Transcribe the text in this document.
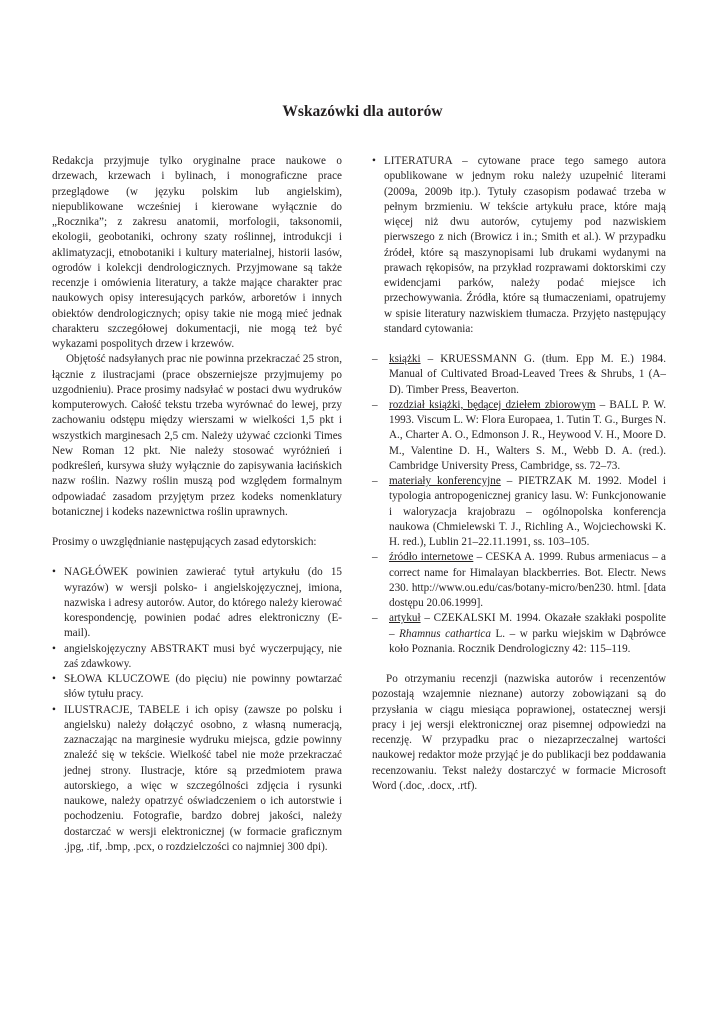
Wskazówki dla autorów

Redakcja przyjmuje tylko oryginalne prace naukowe o drzewach, krzewach i bylinach, i monograficzne prace przeglądowe (w języku polskim lub angielskim), niepublikowane wcześniej i kierowane wyłącznie do „Rocznika”; z zakresu anatomii, morfologii, taksonomii, ekologii, geobotaniki, ochrony szaty roślinnej, introdukcji i aklimatyzacji, etnobotaniki i kultury materialnej, historii lasów, ogrodów i kolekcji dendrologicznych. Przyjmowane są także recenzje i omówienia literatury, a także mające charakter prac naukowych opisy interesujących parków, arboretów i innych obiektów dendrologicznych; opisy takie nie mogą mieć jednak charakteru szczegółowej dokumentacji, nie mogą też być wykazami pospolitych drzew i krzewów.

Objętość nadsyłanych prac nie powinna przekraczać 25 stron, łącznie z ilustracjami (prace obszerniejsze przyjmujemy po uzgodnieniu). Prace prosimy nadsyłać w postaci dwu wydruków komputerowych. Całość tekstu trzeba wyrównać do lewej, przy zachowaniu odstępu między wierszami w wielkości 1,5 pkt i wszystkich marginesach 2,5 cm. Należy używać czcionki Times New Roman 12 pkt. Nie należy stosować wyróżnień i podkreśleń, kursywa służy wyłącznie do zapisywania łacińskich nazw roślin. Nazwy roślin muszą pod względem formalnym odpowiadać zasadom przyjętym przez kodeks nomenklatury botanicznej i kodeks nazewnictwa roślin uprawnych.

Prosimy o uwzględnianie następujących zasad edytorskich:

• NAGŁÓWEK powinien zawierać tytuł artykułu (do 15 wyrazów) w wersji polsko- i angielskojęzycznej, imiona, nazwiska i adresy autorów. Autor, do którego należy kierować korespondencję, powinien podać adres elektroniczny (E-mail).
• angielskojęzyczny ABSTRAKT musi być wyczerpujący, nie zaś zdawkowy.
• SŁOWA KLUCZOWE (do pięciu) nie powinny powtarzać słów tytułu pracy.
• ILUSTRACJE, TABELE i ich opisy (zawsze po polsku i angielsku) należy dołączyć osobno, z własną numeracją, zaznaczając na marginesie wydruku miejsca, gdzie powinny znaleźć się w tekście. Wielkość tabel nie może przekraczać jednej strony. Ilustracje, które są przedmiotem prawa autorskiego, a więc w szczególności zdjęcia i rysunki naukowe, należy opatrzyć oświadczeniem o ich autorstwie i pochodzeniu. Fotografie, bardzo dobrej jakości, należy dostarczać w wersji elektronicznej (w formacie graficznym .jpg, .tif, .bmp, .pcx, o rozdzielczości co najmniej 300 dpi).
• LITERATURA – cytowane prace tego samego autora opublikowane w jednym roku należy uzupełnić literami (2009a, 2009b itp.). Tytuły czasopism podawać trzeba w pełnym brzmieniu. W tekście artykułu prace, które mają więcej niż dwu autorów, cytujemy pod nazwiskiem pierwszego z nich (Browicz i in.; Smith et al.). W przypadku źródeł, które są maszynopisami lub drukami wydanymi na prawach rękopisów, na przykład rozprawami doktorskimi czy ewidencjami parków, należy podać miejsce ich przechowywania. Źródła, które są tłumaczeniami, opatrujemy w spisie literatury nazwiskiem tłumacza. Przyjęto następujący standard cytowania:
– książki – KRUESSMANN G. (tłum. Epp M. E.) 1984. Manual of Cultivated Broad-Leaved Trees & Shrubs, 1 (A–D). Timber Press, Beaverton.
– rozdział książki, będącej dziełem zbiorowym – BALL P. W. 1993. Viscum L. W: Flora Europaea, 1. Tutin T. G., Burges N. A., Charter A. O., Edmonson J. R., Heywood V. H., Moore D. M., Valentine D. H., Walters S. M., Webb D. A. (red.). Cambridge University Press, Cambridge, ss. 72–73.
– materiały konferencyjne – PIETRZAK M. 1992. Model i typologia antropogenicznej granicy lasu. W: Funkcjonowanie i waloryzacja krajobrazu – ogólnopolska konferencja naukowa (Chmielewski T. J., Richling A., Wojciechowski K. H. red.), Lublin 21–22.11.1991, ss. 103–105.
– źródło internetowe – CESKA A. 1999. Rubus armeniacus – a correct name for Himalayan blackberries. Bot. Electr. News 230. http://www.ou.edu/cas/botany-micro/ben230. html. [data dostępu 20.06.1999].
– artykuł – CZEKALSKI M. 1994. Okazałe szakłaki pospolite – Rhamnus cathartica L. – w parku wiejskim w Dąbrówce koło Poznania. Rocznik Dendrologiczny 42: 115–119.

Po otrzymaniu recenzji (nazwiska autorów i recenzentów pozostają wzajemnie nieznane) autorzy zobowiązani są do przysłania w ciągu miesiąca poprawionej, ostatecznej wersji pracy i jej wersji elektronicznej oraz pisemnej odpowiedzi na recenzję. W przypadku prac o niezaprzeczalnej wartości naukowej redaktor może przyjąć je do publikacji bez poddawania recenzowaniu. Tekst należy dostarczyć w formacie Microsoft Word (.doc, .docx, .rtf).
